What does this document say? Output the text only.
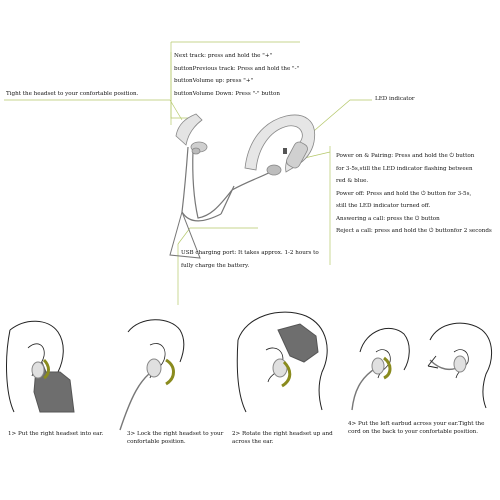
Next track: press and hold the "+"
buttonPrevious track: Press and hold the "-"
buttonVolume up: press "+"
buttonVolume Down: Press "-" button
Tight the headset to your confortable position.
LED indicator
Power on & Pairing: Press and hold the ⏻ button
for 3-5s,still the LED indicator flashing between
red & blue.
Power off: Press and hold the ⏻ button for 3-5s,
still the LED indicator turned off.
Answering a call: press the ⏻ button
Reject a call: press and hold the ⏻ buttonfor 2 seconds
USB charging port: It takes approx. 1-2 hours to
fully charge the battery.
1> Put the right headset into ear.	3> Lock the right headset to your
confortable position.
2> Rotate the right headset up and
across the ear.
4> Put the left earbud across your ear.Tight the
cord on the back to your confortable position.
